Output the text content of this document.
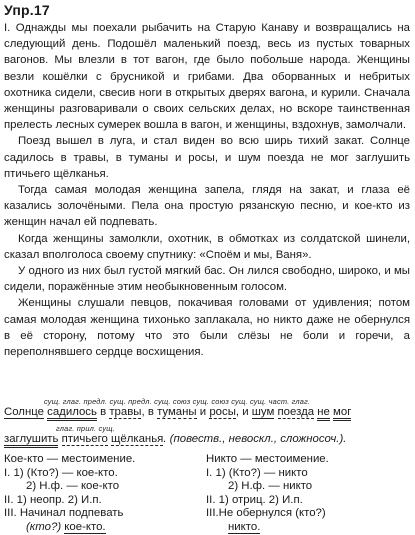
Упр.17

I. Однажды мы поехали рыбачить на Старую Канаву и возвращались на следующий день. Подошёл маленький поезд, весь из пустых товарных вагонов. Мы влезли в тот вагон, где было побольше народа. Женщины везли кошёлки с брусникой и грибами. Два оборванных и небритых охотника сидели, свесив ноги в открытых дверях вагона, и курили. Сначала женщины разговаривали о своих сельских делах, но вскоре таинственная прелесть лесных сумерек вошла в вагон, и женщины, вздохнув, замолчали.

Поезд вышел в луга, и стал виден во всю ширь тихий закат. Солнце садилось в травы, в туманы и росы, и шум поезда не мог заглушить птичьего щёлканья.

Тогда самая молодая женщина запела, глядя на закат, и глаза её казались золочёными. Пела она простую рязанскую песню, и кое-кто из женщин начал ей подпевать.

Когда женщины замолкли, охотник, в обмотках из солдатской шинели, сказал вполголоса своему спутнику: «Споём и мы, Ваня».

У одного из них был густой мягкий бас. Он лился свободно, широко, и мы сидели, поражённые этим необыкновенным голосом.

Женщины слушали певцов, покачивая головами от удивления; потом самая молодая женщина тихонько заплакала, но никто даже не обернулся в её сторону, потому что это были слёзы не боли и горечи, а переполнявшего сердце восхищения.

сущ. глаг. предл. сущ. предл. сущ. союз сущ. союз сущ. сущ. част. глаг.
Солнце садилось в травы, в туманы и росы, и шум поезда не мог
глаг. прил. сущ.
заглушить птичьего щёлканья. (повеств., невоскл., сложносоч.).
Кое-кто — местоимение.
I. 1) (Кто?) — кое-кто.
2) Н.ф. — кое-кто
II. 1) неопр. 2) И.п.
III. Начинал подпевать
(кто?) кое-кто.
Никто — местоимение.
I. 1) (Кто?) — никто
2) Н.ф. — никто
II. 1) отриц. 2) И.п.
III.Не обернулся (кто?)
никто.
